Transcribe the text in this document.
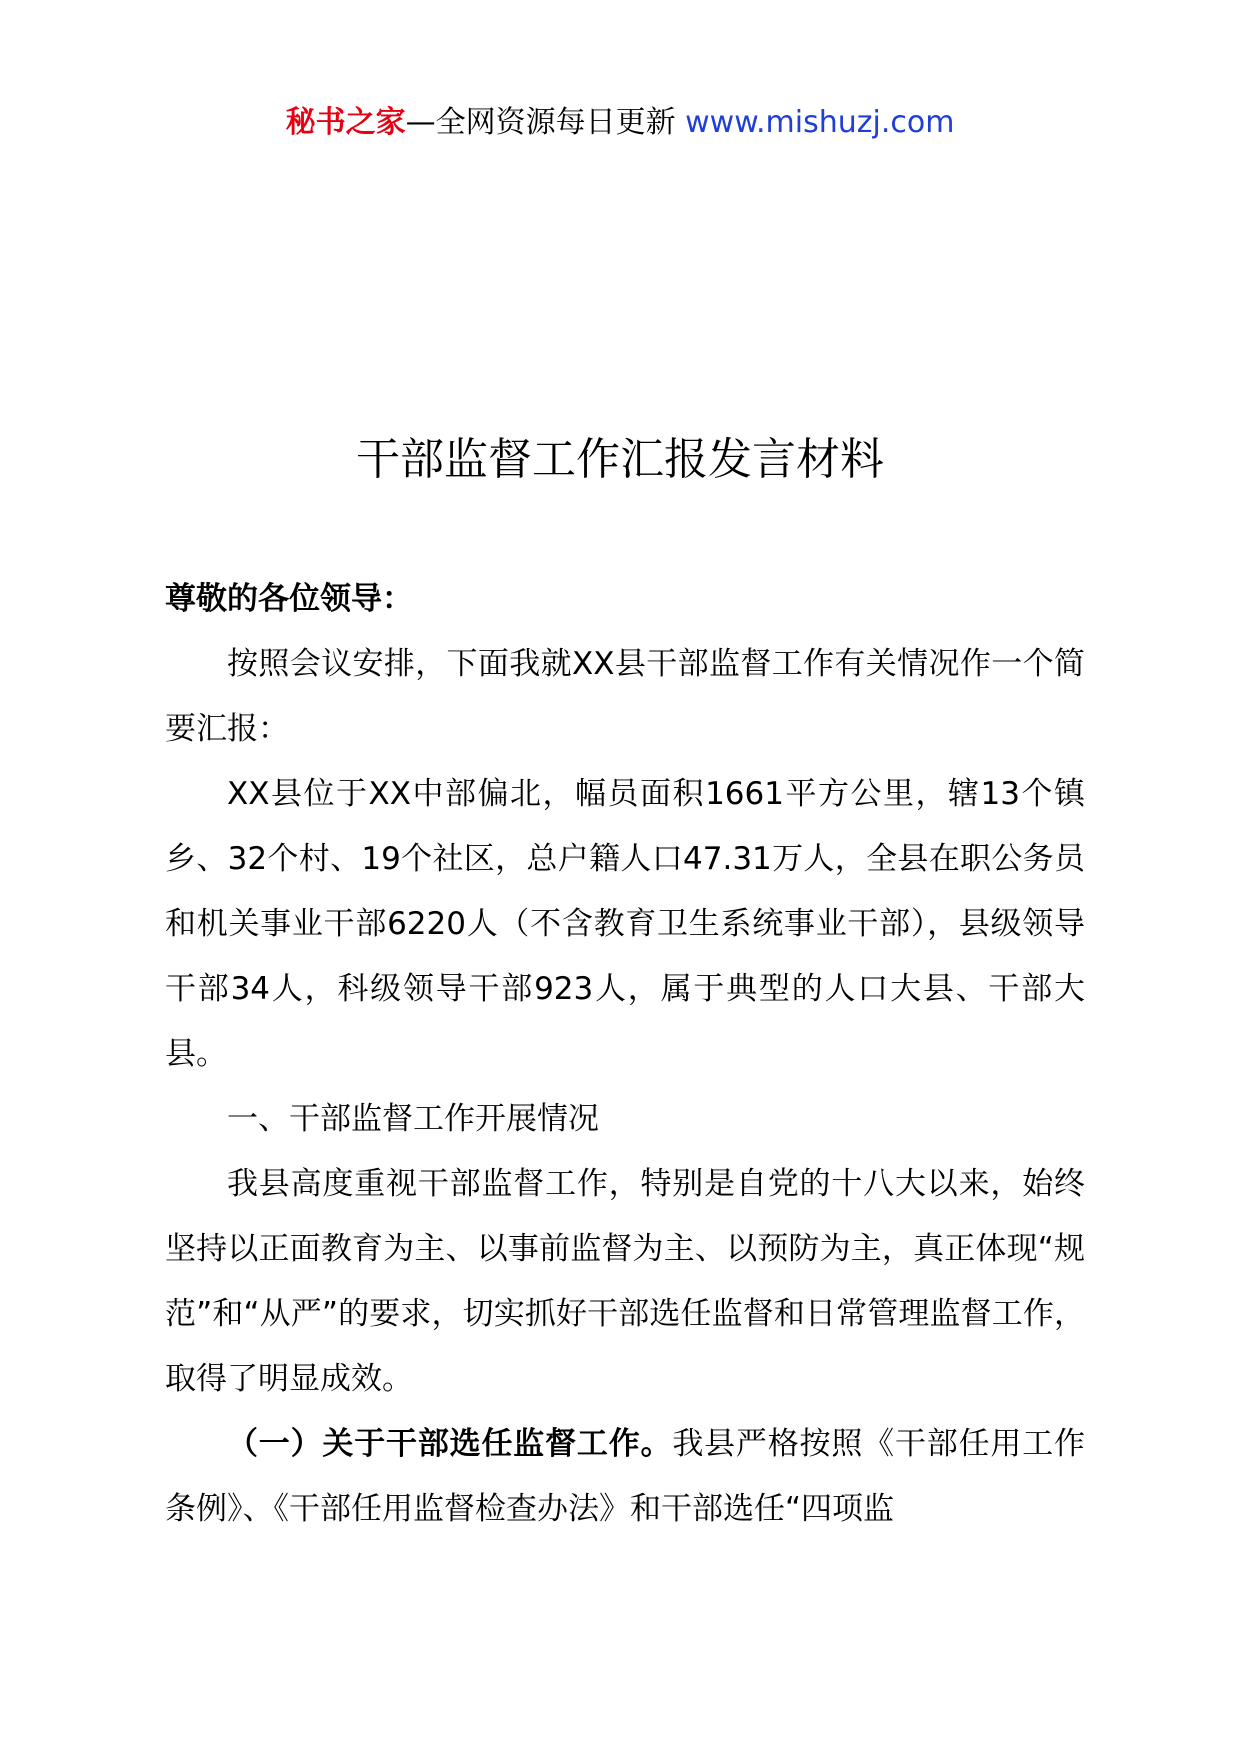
秘书之家—全网资源每日更新 www.mishuzj.com
干部监督工作汇报发言材料

尊敬的各位领导：

按照会议安排，下面我就XX县干部监督工作有关情况作一个简要汇报：

XX县位于XX中部偏北，幅员面积1661平方公里，辖13个镇乡、32个村、19个社区，总户籍人口47.31万人，全县在职公务员和机关事业干部6220人（不含教育卫生系统事业干部），县级领导干部34人，科级领导干部923人，属于典型的人口大县、干部大县。

一、干部监督工作开展情况

我县高度重视干部监督工作，特别是自党的十八大以来，始终坚持以正面教育为主、以事前监督为主、以预防为主，真正体现“规范”和“从严”的要求，切实抓好干部选任监督和日常管理监督工作，取得了明显成效。

（一）关于干部选任监督工作。我县严格按照《干部任用工作条例》、《干部任用监督检查办法》和干部选任“四项监
